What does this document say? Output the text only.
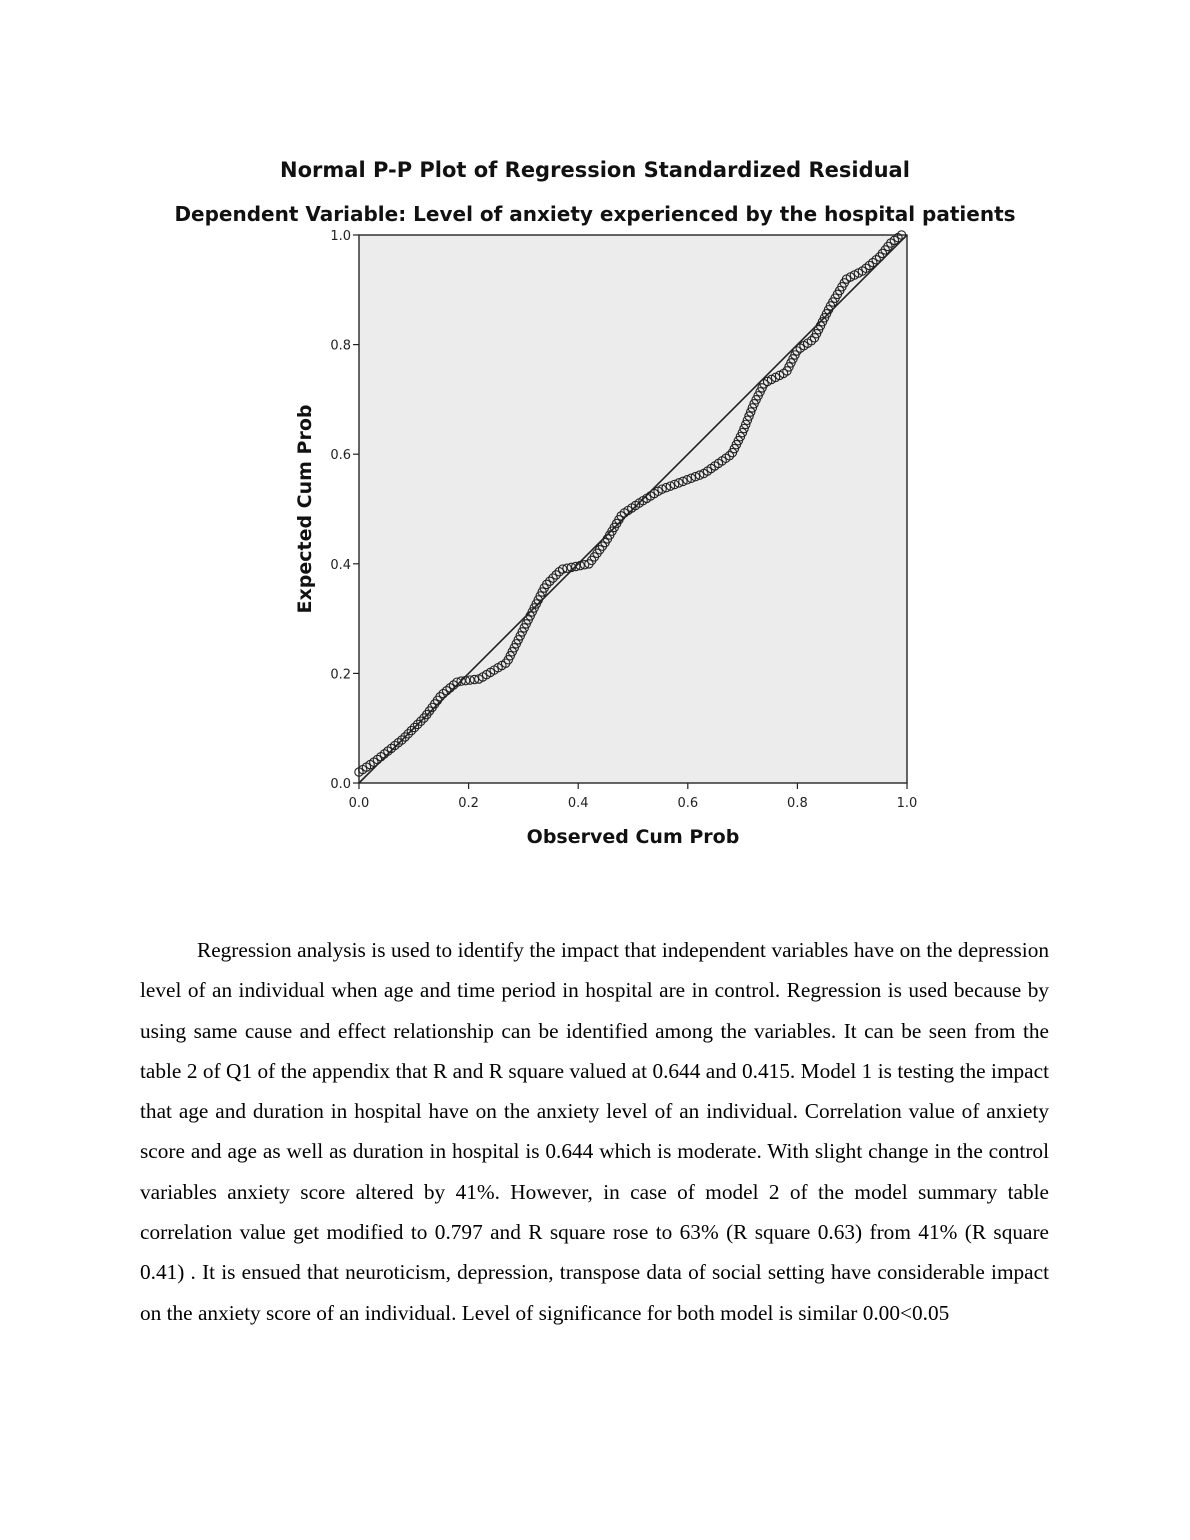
Normal P-P Plot of Regression Standardized Residual
Dependent Variable: Level of anxiety experienced by the hospital patients
0.0	0.2	0.4	0.6	0.8	1.0
0.0
0.2
0.4
0.6
0.8
1.0
Observed Cum Prob
Expected Cum Prob

Regression analysis is used to identify the impact that independent variables have on the depression level of an individual when age and time period in hospital are in control. Regression is used because by using same cause and effect relationship can be identified among the variables. It can be seen from the table 2 of Q1 of the appendix that R and R square valued at 0.644 and 0.415. Model 1 is testing the impact that age and duration in hospital have on the anxiety level of an individual. Correlation value of anxiety score and age as well as duration in hospital is 0.644 which is moderate. With slight change in the control variables anxiety score altered by 41%. However, in case of model 2 of the model summary table correlation value get modified to 0.797 and R square rose to 63% (R square 0.63) from 41% (R square 0.41) . It is ensued that neuroticism, depression, transpose data of social setting have considerable impact on the anxiety score of an individual. Level of significance for both model is similar 0.00<0.05
